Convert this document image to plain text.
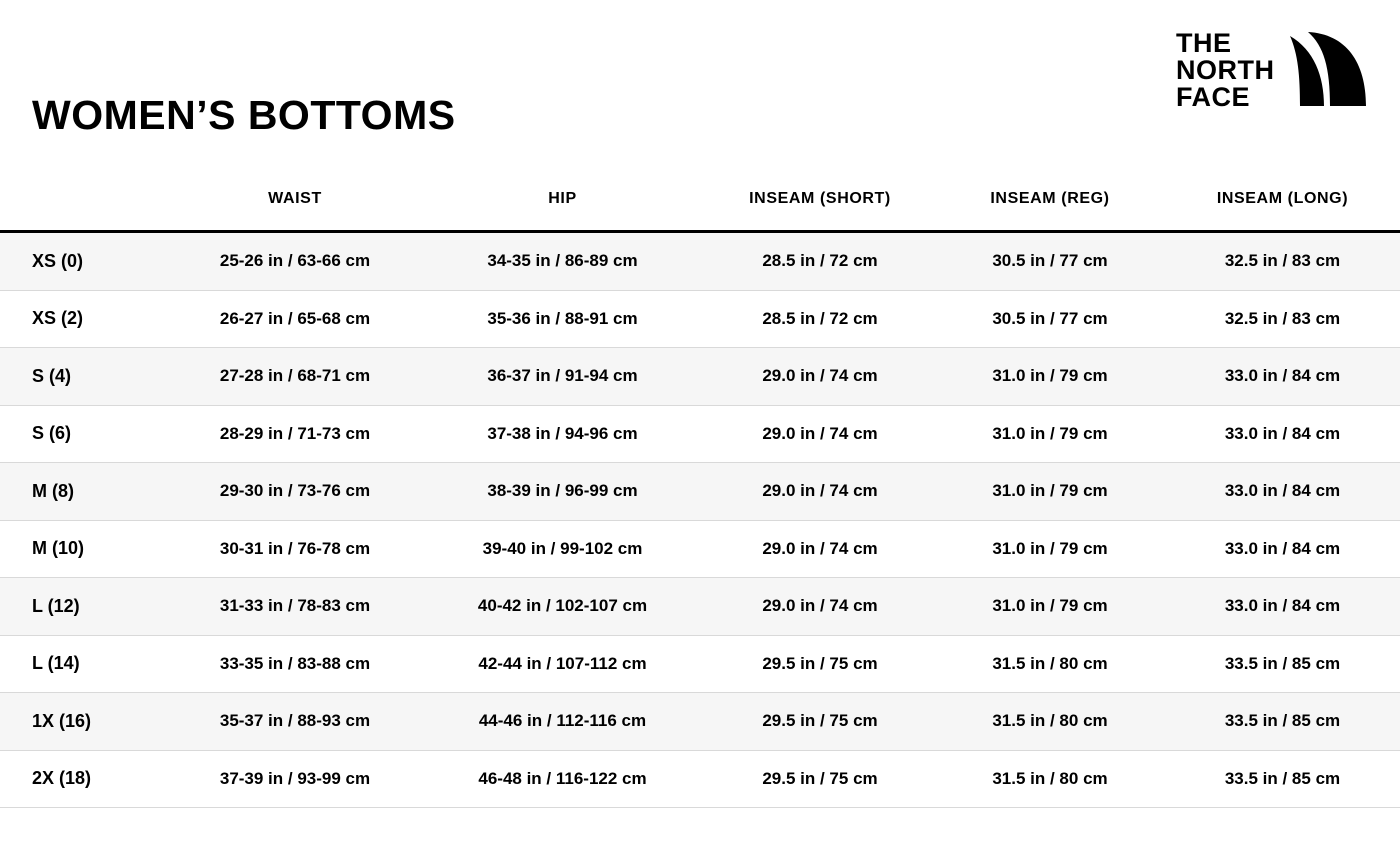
WOMEN’S BOTTOMS
THE
NORTH
FACE
	WAIST	HIP	INSEAM (SHORT)	INSEAM (REG)	INSEAM (LONG)
XS (0)	25-26 in / 63-66 cm	34-35 in / 86-89 cm	28.5 in / 72 cm	30.5 in / 77 cm	32.5 in / 83 cm
XS (2)	26-27 in / 65-68 cm	35-36 in / 88-91 cm	28.5 in / 72 cm	30.5 in / 77 cm	32.5 in / 83 cm
S (4)	27-28 in / 68-71 cm	36-37 in / 91-94 cm	29.0 in / 74 cm	31.0 in / 79 cm	33.0 in / 84 cm
S (6)	28-29 in / 71-73 cm	37-38 in / 94-96 cm	29.0 in / 74 cm	31.0 in / 79 cm	33.0 in / 84 cm
M (8)	29-30 in / 73-76 cm	38-39 in / 96-99 cm	29.0 in / 74 cm	31.0 in / 79 cm	33.0 in / 84 cm
M (10)	30-31 in / 76-78 cm	39-40 in / 99-102 cm	29.0 in / 74 cm	31.0 in / 79 cm	33.0 in / 84 cm
L (12)	31-33 in / 78-83 cm	40-42 in / 102-107 cm	29.0 in / 74 cm	31.0 in / 79 cm	33.0 in / 84 cm
L (14)	33-35 in / 83-88 cm	42-44 in / 107-112 cm	29.5 in / 75 cm	31.5 in / 80 cm	33.5 in / 85 cm
1X (16)	35-37 in / 88-93 cm	44-46 in / 112-116 cm	29.5 in / 75 cm	31.5 in / 80 cm	33.5 in / 85 cm
2X (18)	37-39 in / 93-99 cm	46-48 in / 116-122 cm	29.5 in / 75 cm	31.5 in / 80 cm	33.5 in / 85 cm
